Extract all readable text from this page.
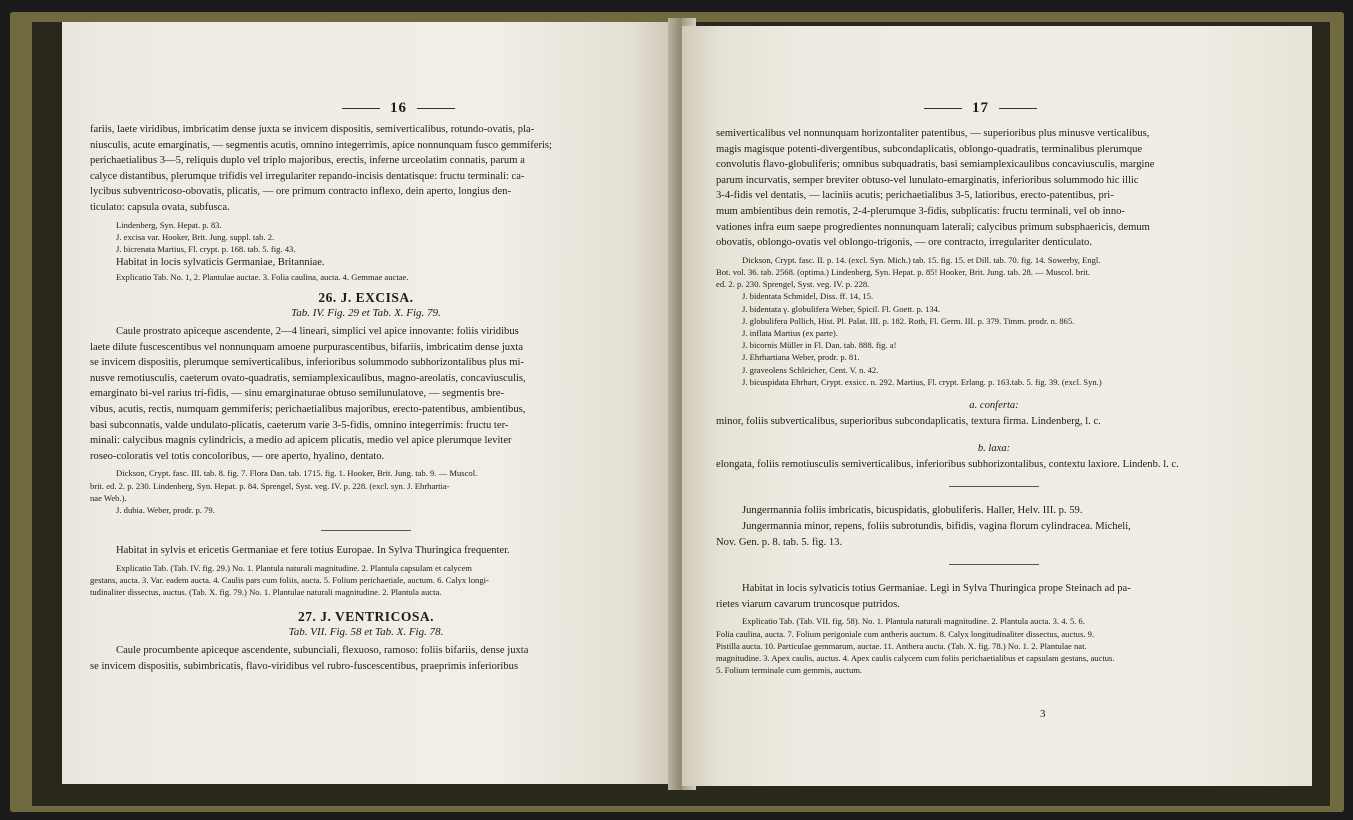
16

fariis, laete viridibus, imbricatim dense juxta se invicem dispositis, semiverticalibus, rotundo-ovatis, pla-

niusculis, acute emarginatis, — segmentis acutis, omnino integerrimis, apice nonnunquam fusco gemmiferis;

perichaetialibus 3—5, reliquis duplo vel triplo majoribus, erectis, inferne urceolatim connatis, parum a

calyce distantibus, plerumque trifidis vel irregulariter repando-incisis dentatisque: fructu terminali: ca-

lycibus subventricoso-obovatis, plicatis, — ore primum contracto inflexo, dein aperto, longius den-

ticulato: capsula ovata, subfusca.

Lindenberg, Syn. Hepat. p. 83.

J. excisa var. Hooker, Brit. Jung. suppl. tab. 2.

J. bicrenata Martius, Fl. crypt. p. 168. tab. 5. fig. 43.

Habitat in locis sylvaticis Germaniae, Britanniae.

Explicatio Tab. No. 1, 2. Plantulae auctae. 3. Folia caulina, aucta. 4. Gemmae auctae.

26. J. EXCISA.
Tab. IV. Fig. 29 et Tab. X. Fig. 79.

Caule prostrato apiceque ascendente, 2—4 lineari, simplici vel apice innovante: foliis viridibus

laete dilute fuscescentibus vel nonnunquam amoene purpurascentibus, bifariis, imbricatim dense juxta

se invicem dispositis, plerumque semiverticalibus, inferioribus solummodo subhorizontalibus plus mi-

nusve remotiusculis, caeterum ovato-quadratis, semiamplexicaulibus, magno-areolatis, concaviusculis,

emarginato bi-vel rarius tri-fidis, — sinu emarginaturae obtuso semilunulatove, — segmentis bre-

vibus, acutis, rectis, numquam gemmiferis; perichaetialibus majoribus, erecto-patentibus, ambientibus,

basi subconnatis, valde undulato-plicatis, caeterum varie 3-5-fidis, omnino integerrimis: fructu ter-

minali: calycibus magnis cylindricis, a medio ad apicem plicatis, medio vel apice plerumque leviter

roseo-coloratis vel totis concoloribus, — ore aperto, hyalino, dentato.

Dickson, Crypt. fasc. III. tab. 8. fig. 7. Flora Dan. tab. 1715. fig. 1. Hooker, Brit. Jung. tab. 9. — Muscol.

brit. ed. 2. p. 230. Lindenberg, Syn. Hepat. p. 84. Sprengel, Syst. veg. IV. p. 228. (excl. syn. J. Ehrhartia-

nae Web.).

J. dubia. Weber, prodr. p. 79.

Habitat in sylvis et ericetis Germaniae et fere totius Europae. In Sylva Thuringica frequenter.

Explicatio Tab. (Tab. IV. fig. 29.) No. 1. Plantula naturali magnitudine. 2. Plantula capsulam et calycem

gestans, aucta. 3. Var. eadem aucta. 4. Caulis pars cum foliis, aucta. 5. Folium perichaetiale, auctum. 6. Calyx longi-

tudinaliter dissectus, auctus. (Tab. X. fig. 79.) No. 1. Plantulae naturali magnitudine. 2. Plantula aucta.

27. J. VENTRICOSA.
Tab. VII. Fig. 58 et Tab. X. Fig. 78.

Caule procumbente apiceque ascendente, subunciali, flexuoso, ramoso: foliis bifariis, dense juxta

se invicem dispositis, subimbricatis, flavo-viridibus vel rubro-fuscescentibus, praeprimis inferioribus

17

semiverticalibus vel nonnunquam horizontaliter patentibus, — superioribus plus minusve verticalibus,

magis magisque potenti-divergentibus, subcondaplicatis, oblongo-quadratis, terminalibus plerumque

convolutis flavo-globuliferis; omnibus subquadratis, basi semiamplexicaulibus concaviusculis, margine

parum incurvatis, semper breviter obtuso-vel lunulato-emarginatis, inferioribus solummodo hic illic

3-4-fidis vel dentatis, — laciniis acutis; perichaetialibus 3-5, latioribus, erecto-patentibus, pri-

mum ambientibus dein remotis, 2-4-plerumque 3-fidis, subplicatis: fructu terminali, vel ob inno-

vationes infra eum saepe progredientes nonnunquam laterali; calycibus primum subsphaericis, demum

obovatis, oblongo-ovatis vel oblongo-trigonis, — ore contracto, irregulariter denticulato.

Dickson, Crypt. fasc. II. p. 14. (excl. Syn. Mich.) tab. 15. fig. 15. et Dill. tab. 70. fig. 14. Sowerby, Engl.

Bot. vol. 36. tab. 2568. (optima.) Lindenberg, Syn. Hepat. p. 85! Hooker, Brit. Jung. tab. 28. — Muscol. brit.

ed. 2. p. 230. Sprengel, Syst. veg. IV. p. 228.

J. bidentata Schmidel, Diss. ff. 14, 15.

J. bidentata γ. globulifera Weber, Spicil. Fl. Goett. p. 134.

J. globulifera Pollich, Hist. Pl. Palat. III. p. 182. Roth, Fl. Germ. III. p. 379. Timm. prodr. n. 865.

J. inflata Martius (ex parte).

J. bicornis Müller in Fl. Dan. tab. 888. fig. a!

J. Ehrhartiana Weber, prodr. p. 81.

J. graveolens Schleicher, Cent. V. n. 42.

J. bicuspidata Ehrhart, Crypt. exsicc. n. 292. Martius, Fl. crypt. Erlang. p. 163.tab. 5. fig. 39. (excl. Syn.)

a. conferta:

minor, foliis subverticalibus, superioribus subcondaplicatis, textura firma. Lindenberg, l. c.

b. laxa:

elongata, foliis remotiusculis semiverticalibus, inferioribus subhorizontalibus, contextu laxiore. Lindenb. l. c.

Jungermannia foliis imbricatis, bicuspidatis, globuliferis. Haller, Helv. III. p. 59.

Jungermannia minor, repens, foliis subrotundis, bifidis, vagina florum cylindracea. Micheli,

Nov. Gen. p. 8. tab. 5. fig. 13.

Habitat in locis sylvaticis totius Germaniae. Legi in Sylva Thuringica prope Steinach ad pa-

rietes viarum cavarum truncosque putridos.

Explicatio Tab. (Tab. VII. fig. 58). No. 1. Plantula naturali magnitudine. 2. Plantula aucta. 3. 4. 5. 6.

Folia caulina, aucta. 7. Folium perigoniale cum antheris auctum. 8. Calyx longitudinaliter dissectus, auctus. 9.

Pistilla aucta. 10. Particulae gemmarum, auctae. 11. Anthera aucta. (Tab. X. fig. 78.) No. 1. 2. Plantulae nat.

magnitudine. 3. Apex caulis, auctus. 4. Apex caulis calycem cum foliis perichaetialibus et capsulam gestans, auctus.

5. Folium terminale cum gemmis, auctum.

3
